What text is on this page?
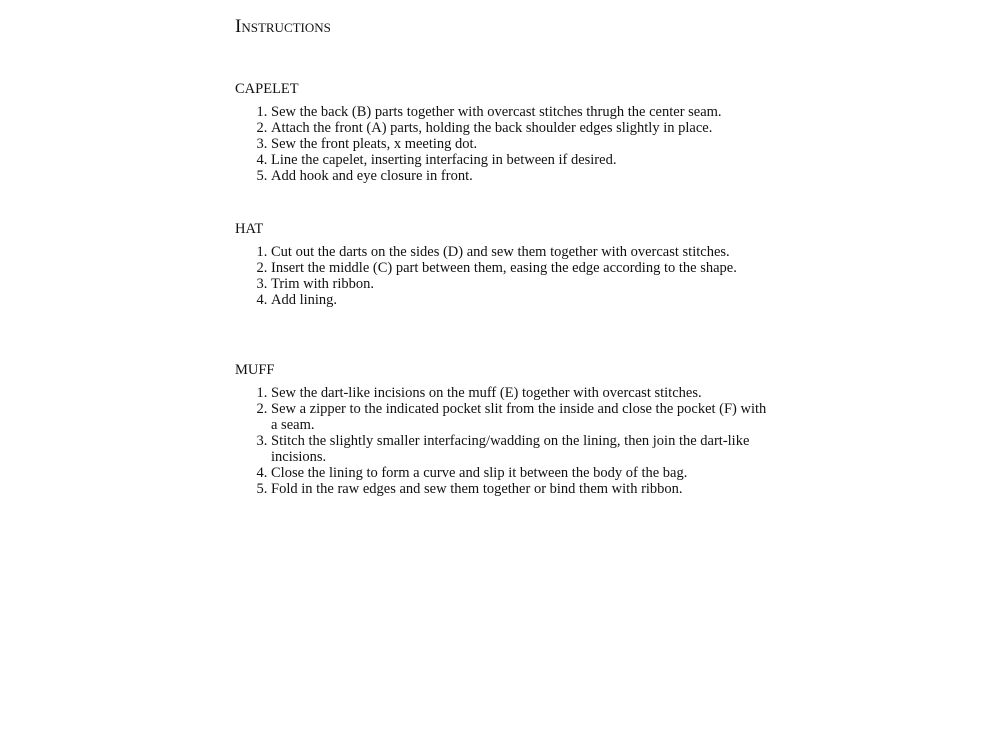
Instructions
CAPELET
1. Sew the back (B) parts together with overcast stitches thrugh the center seam.
2. Attach the front (A) parts, holding the back shoulder edges slightly in place.
3. Sew the front pleats, x meeting dot.
4. Line the capelet, inserting interfacing in between if desired.
5. Add hook and eye closure in front.
HAT
1. Cut out the darts on the sides (D) and sew them together with overcast stitches.
2. Insert the middle (C) part between them, easing the edge according to the shape.
3. Trim with ribbon.
4. Add lining.
MUFF
1. Sew the dart-like incisions on the muff (E) together with overcast stitches.
2. Sew a zipper to the indicated pocket slit from the inside and close the pocket (F) with a seam.
3. Stitch the slightly smaller interfacing/wadding on the lining, then join the dart-like incisions.
4. Close the lining to form a curve and slip it between the body of the bag.
5. Fold in the raw edges and sew them together or bind them with ribbon.
